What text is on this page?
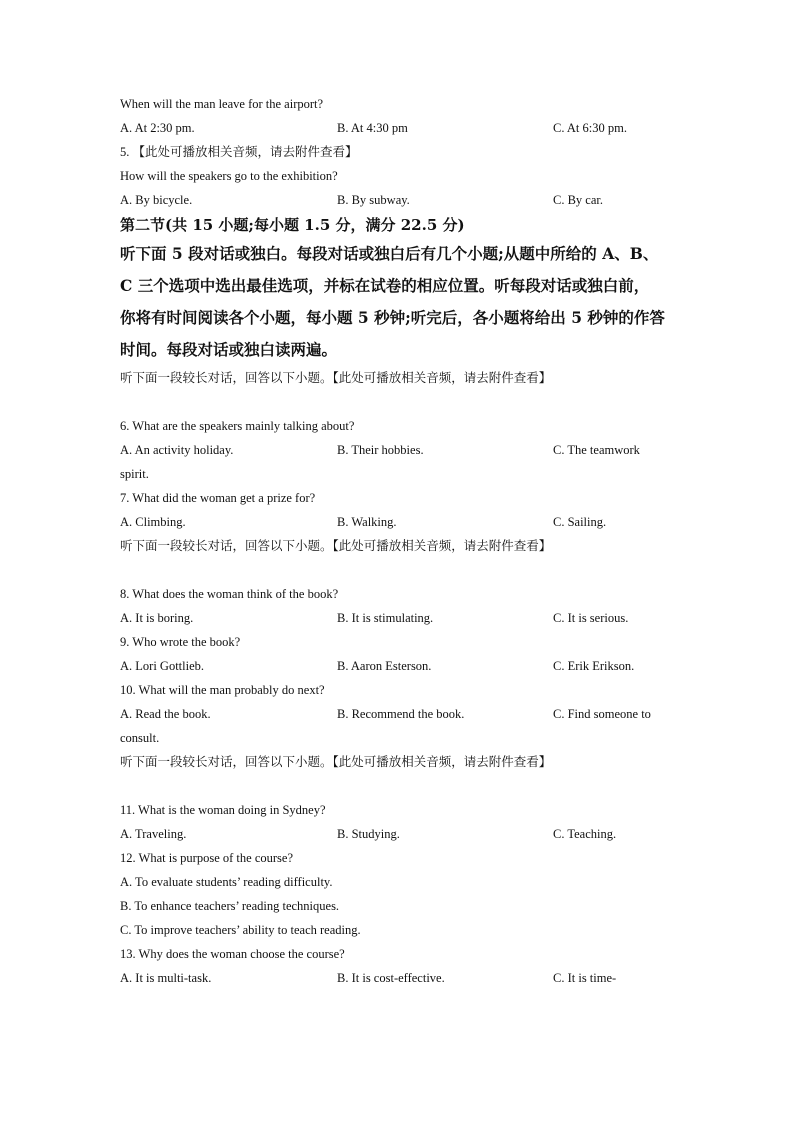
When will the man leave for the airport?
A. At 2:30 pm.	B. At 4:30 pm	C. At 6:30 pm.
5. 【此处可播放相关音频，请去附件查看】
How will the speakers go to the exhibition?
A. By bicycle.	B. By subway.	C. By car.
第二节(共 15 小题;每小题 1.5 分，满分 22.5 分)
听下面 5 段对话或独白。每段对话或独白后有几个小题;从题中所给的 A、B、
C 三个选项中选出最佳选项，并标在试卷的相应位置。听每段对话或独白前，
你将有时间阅读各个小题，每小题 5 秒钟;听完后，各小题将给出 5 秒钟的作答
时间。每段对话或独白读两遍。
听下面一段较长对话，回答以下小题。【此处可播放相关音频，请去附件查看】
6. What are the speakers mainly talking about?
A. An activity holiday.	B. Their hobbies.	C. The teamwork
spirit.
7. What did the woman get a prize for?
A. Climbing.	B. Walking.	C. Sailing.
听下面一段较长对话，回答以下小题。【此处可播放相关音频，请去附件查看】
8. What does the woman think of the book?
A. It is boring.	B. It is stimulating.	C. It is serious.
9. Who wrote the book?
A. Lori Gottlieb.	B. Aaron Esterson.	C. Erik Erikson.
10. What will the man probably do next?
A. Read the book.	B. Recommend the book.	C. Find someone to
consult.
听下面一段较长对话，回答以下小题。【此处可播放相关音频，请去附件查看】
11. What is the woman doing in Sydney?
A. Traveling.	B. Studying.	C. Teaching.
12. What is purpose of the course?
A. To evaluate students’ reading difficulty.
B. To enhance teachers’ reading techniques.
C. To improve teachers’ ability to teach reading.
13. Why does the woman choose the course?
A. It is multi-task.	B. It is cost-effective.	C. It is time-
